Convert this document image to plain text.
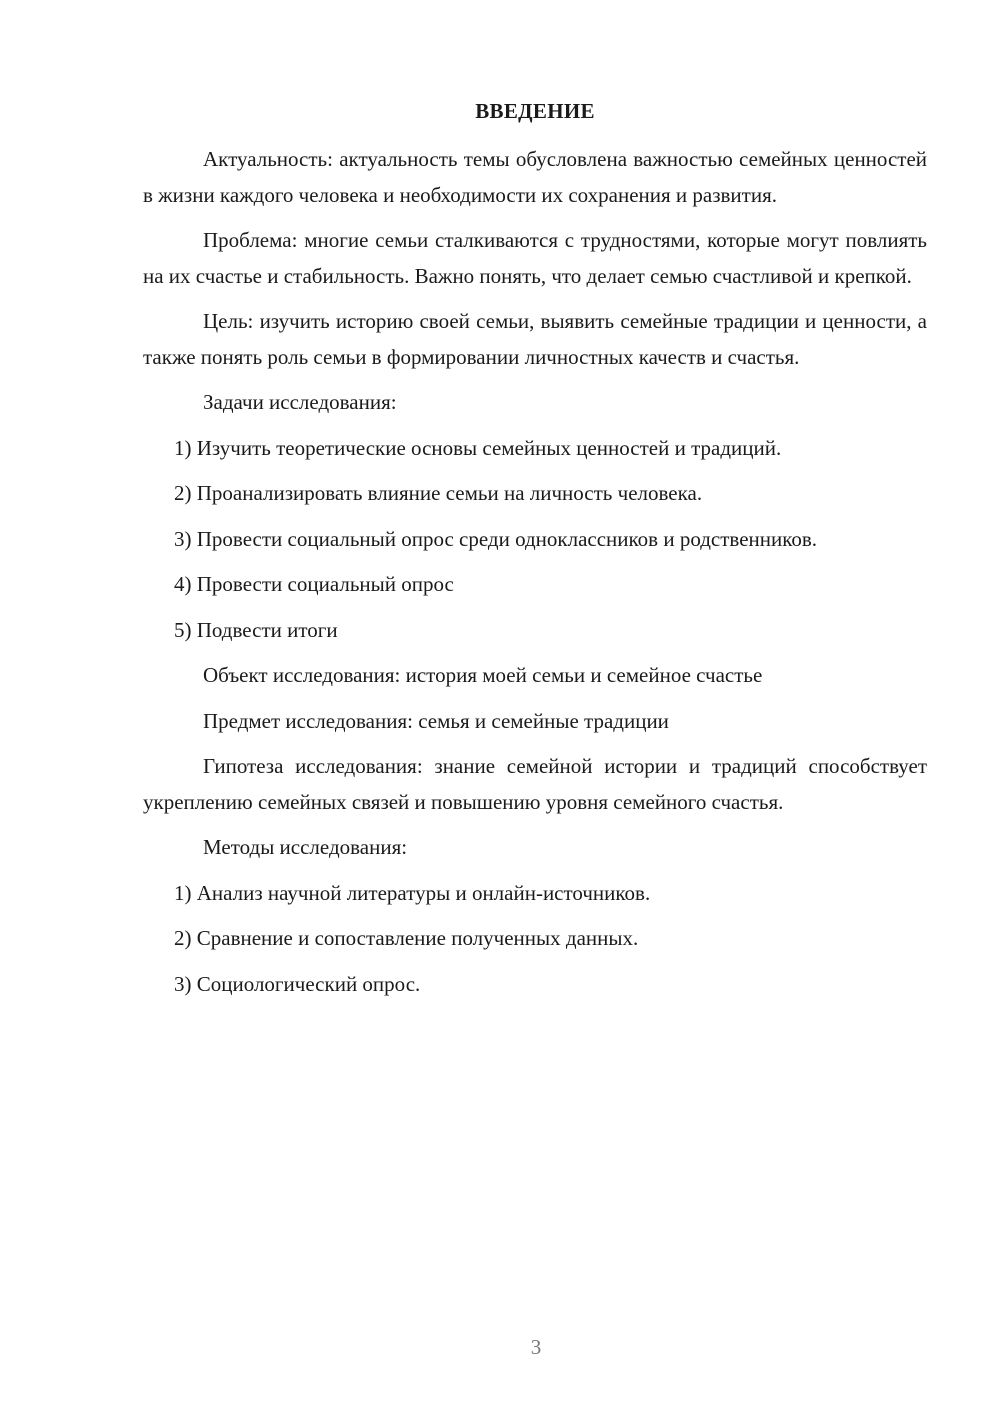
ВВЕДЕНИЕ

Актуальность: актуальность темы обусловлена важностью семейных ценностей в жизни каждого человека и необходимости их сохранения и развития.

Проблема: многие семьи сталкиваются с трудностями, которые могут повлиять на их счастье и стабильность. Важно понять, что делает семью счастливой и крепкой.

Цель: изучить историю своей семьи, выявить семейные традиции и ценности, а также понять роль семьи в формировании личностных качеств и счастья.

Задачи исследования:

1) Изучить теоретические основы семейных ценностей и традиций.

2) Проанализировать влияние семьи на личность человека.

3) Провести социальный опрос среди одноклассников и родственников.

4) Провести социальный опрос

5) Подвести итоги

Объект исследования: история моей семьи и семейное счастье

Предмет исследования: семья и семейные традиции

Гипотеза исследования: знание семейной истории и традиций способствует укреплению семейных связей и повышению уровня семейного счастья.

Методы исследования:

1) Анализ научной литературы и онлайн-источников.

2) Сравнение и сопоставление полученных данных.

3) Социологический опрос.

3
